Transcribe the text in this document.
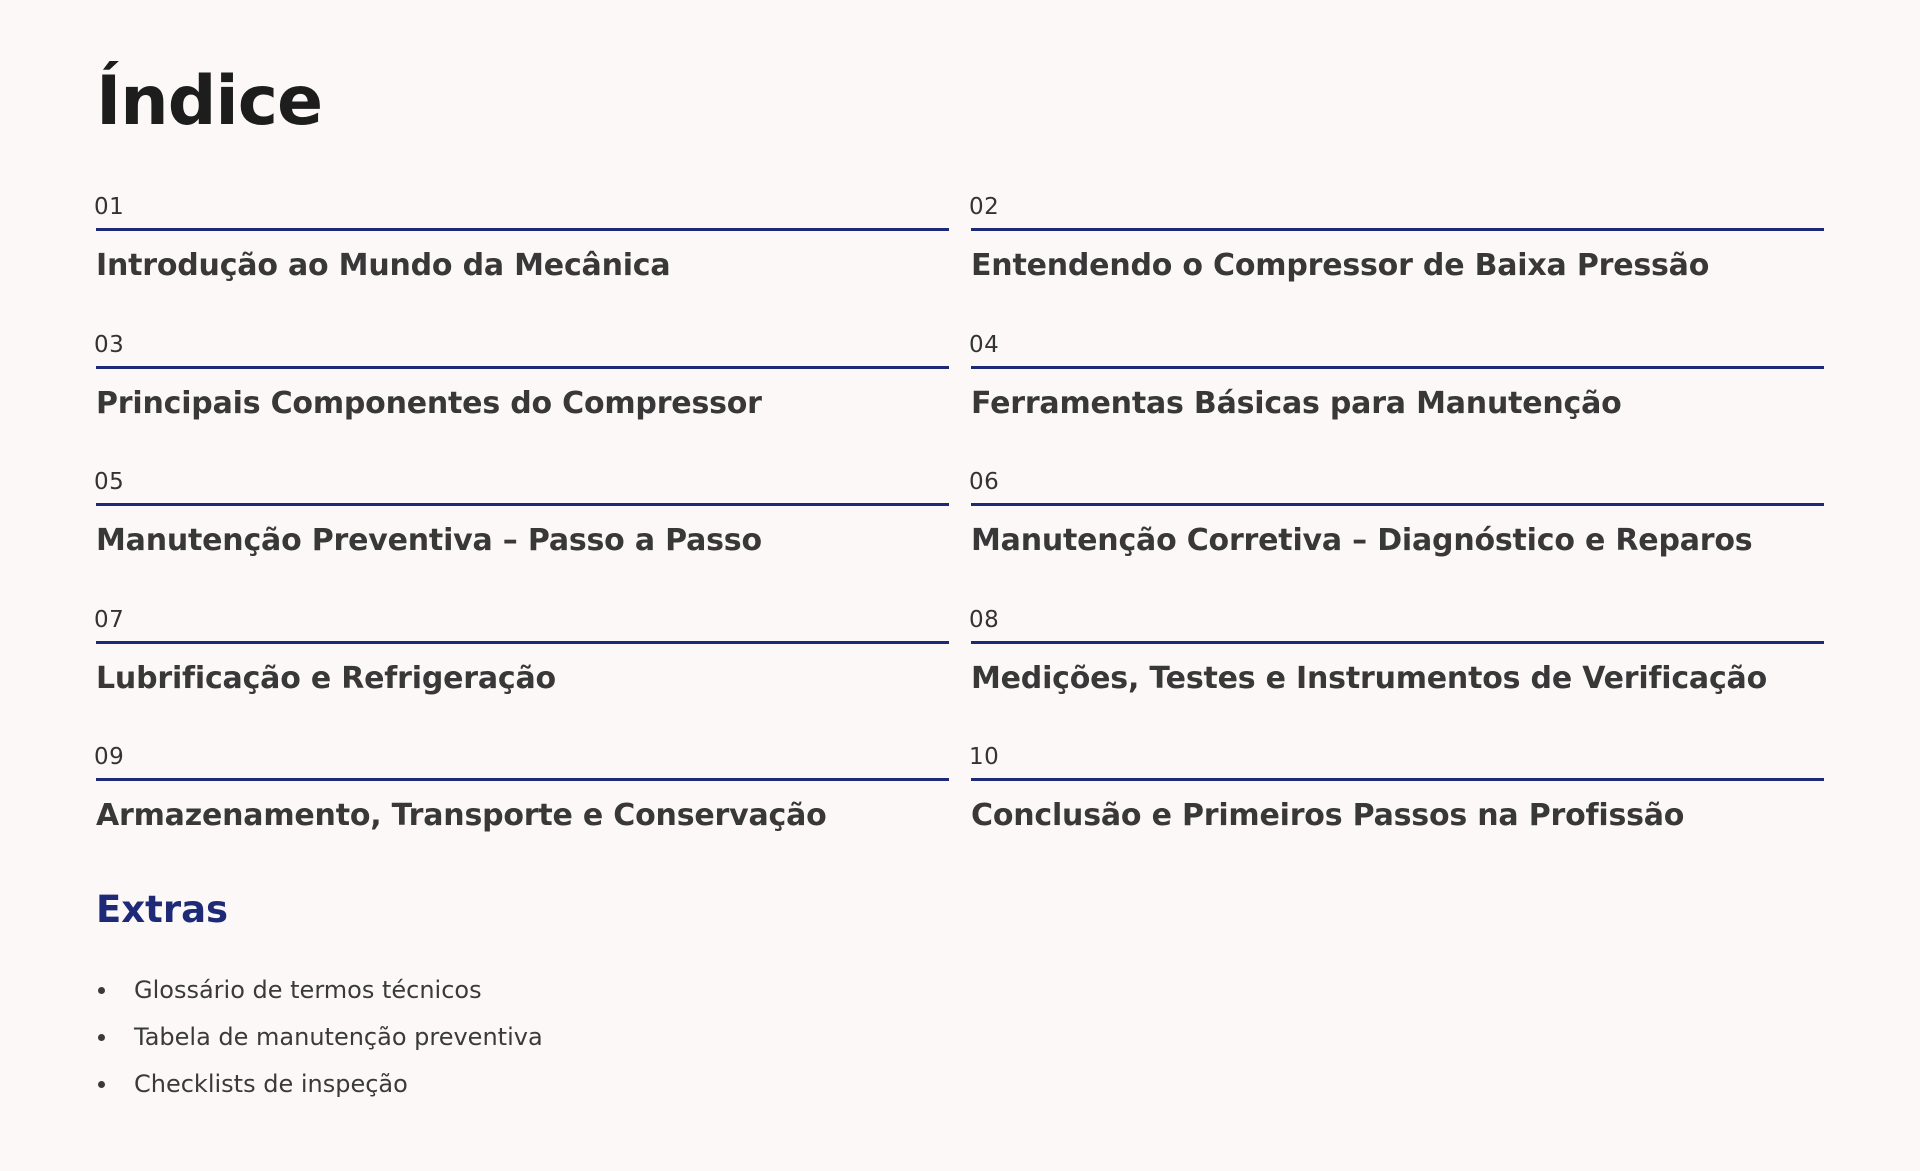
Índice
01
Introdução ao Mundo da Mecânica
02
Entendendo o Compressor de Baixa Pressão
03
Principais Componentes do Compressor
04
Ferramentas Básicas para Manutenção
05
Manutenção Preventiva – Passo a Passo
06
Manutenção Corretiva – Diagnóstico e Reparos
07
Lubrificação e Refrigeração
08
Medições, Testes e Instrumentos de Verificação
09
Armazenamento, Transporte e Conservação
10
Conclusão e Primeiros Passos na Profissão
Extras
Glossário de termos técnicos
Tabela de manutenção preventiva
Checklists de inspeção
